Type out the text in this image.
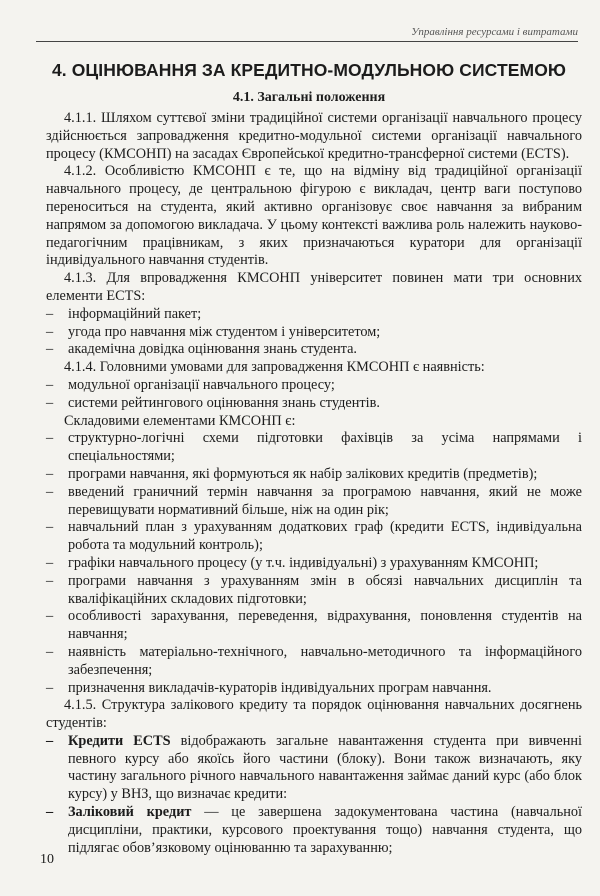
Управління ресурсами і витратами
4. ОЦІНЮВАННЯ ЗА КРЕДИТНО-МОДУЛЬНОЮ СИСТЕМОЮ
4.1. Загальні положення

4.1.1. Шляхом суттєвої зміни традиційної системи організації навчального процесу здійснюється запровадження кредитно-модульної системи організації навчального процесу (КМСОНП) на засадах Європейської кредитно-трансферної системи (ECTS).

4.1.2. Особливістю КМСОНП є те, що на відміну від традиційної організації навчального процесу, де центральною фігурою є викладач, центр ваги поступово переноситься на студента, який активно організовує своє навчання за вибраним напрямом за допомогою викладача. У цьому контексті важлива роль належить науково-педагогічним працівникам, з яких призначаються куратори для організації індивідуального навчання студентів.

4.1.3. Для впровадження КМСОНП університет повинен мати три основних елементи ECTS:

– інформаційний пакет;
– угода про навчання між студентом і університетом;
– академічна довідка оцінювання знань студента.

4.1.4. Головними умовами для запровадження КМСОНП є наявність:

– модульної організації навчального процесу;
– системи рейтингового оцінювання знань студентів.

Складовими елементами КМСОНП є:

– структурно-логічні схеми підготовки фахівців за усіма напрямами і спеціальностями;
– програми навчання, які формуються як набір залікових кредитів (предметів);
– введений граничний термін навчання за програмою навчання, який не може перевищувати нормативний більше, ніж на один рік;
– навчальний план з урахуванням додаткових граф (кредити ECTS, індивідуальна робота та модульний контроль);
– графіки навчального процесу (у т.ч. індивідуальні) з урахуванням КМСОНП;
– програми навчання з урахуванням змін в обсязі навчальних дисциплін та кваліфікаційних складових підготовки;
– особливості зарахування, переведення, відрахування, поновлення студентів на навчання;
– наявність матеріально-технічного, навчально-методичного та інформаційного забезпечення;
– призначення викладачів-кураторів індивідуальних програм навчання.

4.1.5. Структура залікового кредиту та порядок оцінювання навчальних досягнень студентів:

– Кредити ECTS відображають загальне навантаження студента при вивченні певного курсу або якоїсь його частини (блоку). Вони також визначають, яку частину загального річного навчального навантаження займає даний курс (або блок курсу) у ВНЗ, що визначає кредити:

– Заліковий кредит — це завершена задокументована частина (навчальної дисципліни, практики, курсового проектування тощо) навчання студента, що підлягає обов’язковому оцінюванню та зарахуванню;

10
